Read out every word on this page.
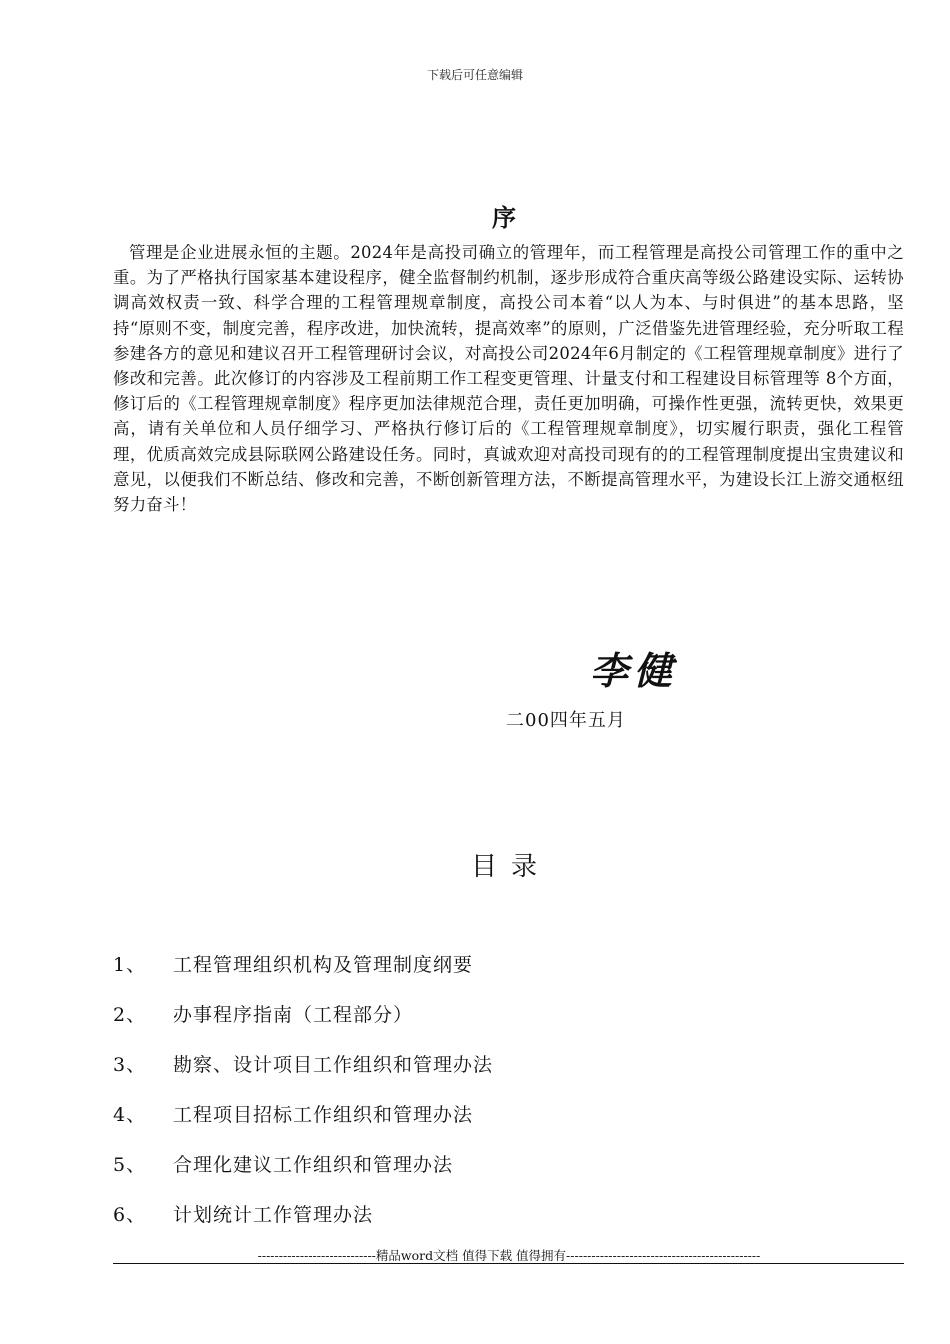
下载后可任意编辑
序
管理是企业进展永恒的主题。2024年是高投司确立的管理年，而工程管理是高投公司管理工作的重中之重。为了严格执行国家基本建设程序，健全监督制约机制，逐步形成符合重庆高等级公路建设实际、运转协调高效权责一致、科学合理的工程管理规章制度，高投公司本着“以人为本、与时俱进”的基本思路，坚持“原则不变，制度完善，程序改进，加快流转，提高效率”的原则，广泛借鉴先进管理经验，充分听取工程参建各方的意见和建议召开工程管理研讨会议，对高投公司2024年6月制定的《工程管理规章制度》进行了修改和完善。此次修订的内容涉及工程前期工作工程变更管理、计量支付和工程建设目标管理等 8个方面，修订后的《工程管理规章制度》程序更加法律规范合理，责任更加明确，可操作性更强，流转更快，效果更高，请有关单位和人员仔细学习、严格执行修订后的《工程管理规章制度》，切实履行职责，强化工程管理，优质高效完成县际联网公路建设任务。同时，真诚欢迎对高投司现有的的工程管理制度提出宝贵建议和意见，以便我们不断总结、修改和完善，不断创新管理方法，不断提高管理水平，为建设长江上游交通枢纽努力奋斗！
李健
二00四年五月
目录
1、	工程管理组织机构及管理制度纲要
2、	办事程序指南（工程部分）
3、	勘察、设计项目工作组织和管理办法
4、	工程项目招标工作组织和管理办法
5、	合理化建议工作组织和管理办法
6、	计划统计工作管理办法
----------------------------精品word文档 值得下载 值得拥有----------------------------------------------
